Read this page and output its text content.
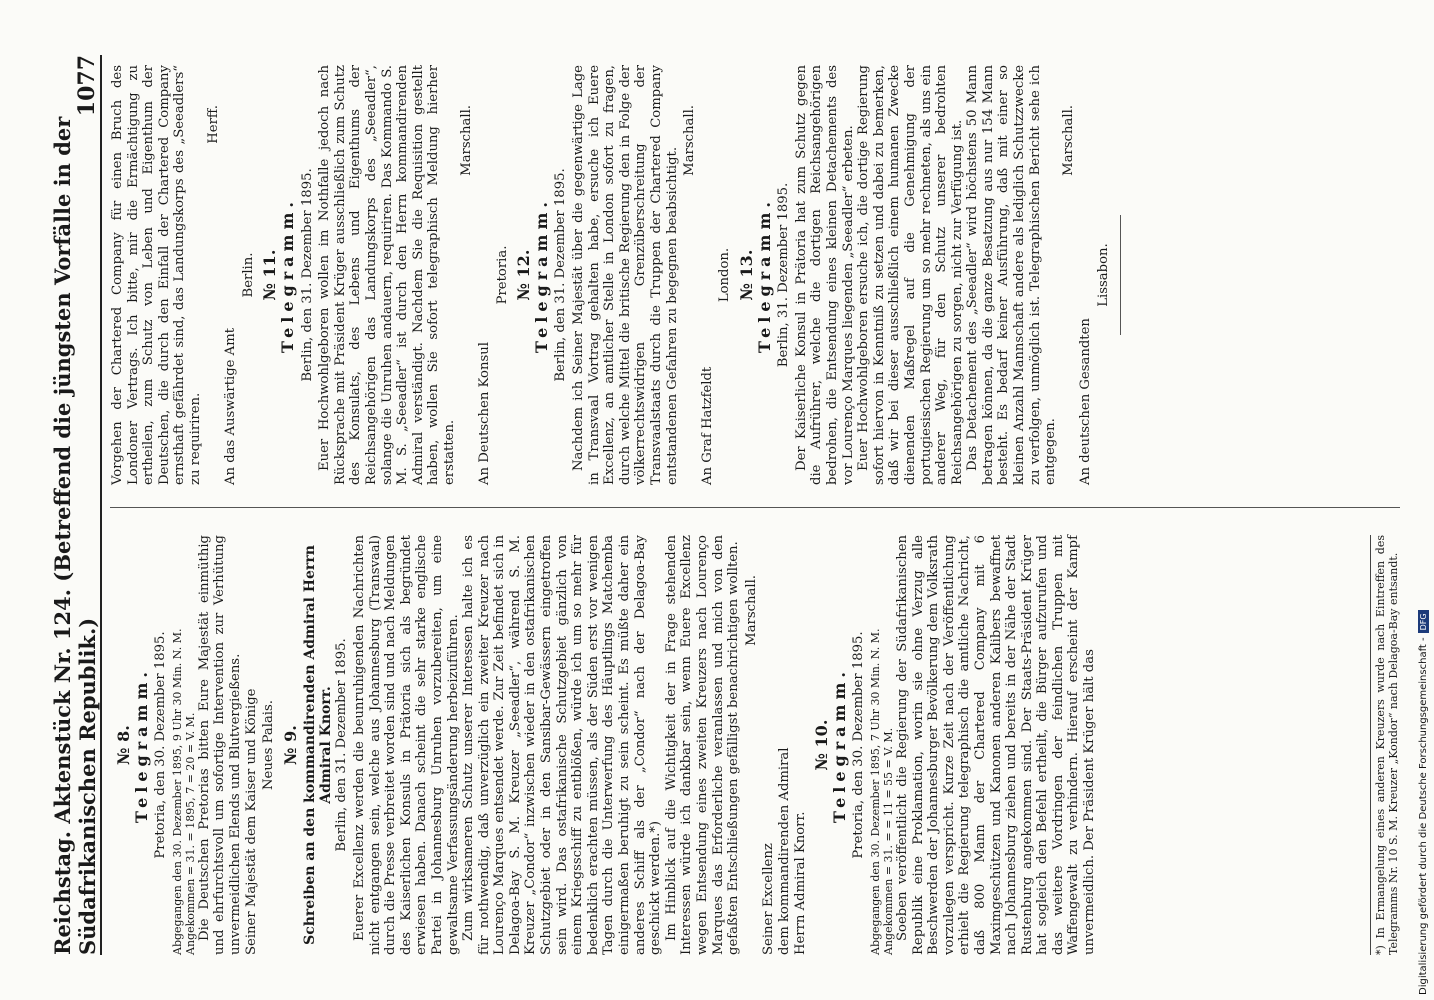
Reichstag. Aktenstück Nr. 124. (Betreffend die jüngsten Vorfälle in der Südafrikanischen Republik.)
1077
№ 8.
Telegramm. Pretoria, den 30. Dezember 1895. Abgegangen den 30. Dezember 1895, 9 Uhr 30 Min. N. M. Angekommen = 31. = 1895, 7 = 20 = V. M. Die Deutschen Pretorias bitten Eure Majestät einmüthig und ehrfurchtsvoll um sofortige Intervention zur Verhütung unvermeidlichen Elends und Blutvergießens. Seiner Majestät dem Kaiser und Könige Neues Palais. № 9. Schreiben an den kommandirenden Admiral Herrn Admiral Knorr. Berlin, den 31. Dezember 1895. Euerer Excellenz werden die beunruhigenden Nachrichten nicht entgangen sein, welche aus Johannesburg (Transvaal) durch die Presse verbreitet worden sind und nach Meldungen des Kaiserlichen Konsuls in Prätoria sich als begründet erwiesen haben. Danach scheint die sehr starke englische Partei in Johannesburg Unruhen vorzubereiten, um eine gewaltsame Verfassungsänderung herbeizuführen. Zum wirksameren Schutz unserer Interessen halte ich es für nothwendig, daß unverzüglich ein zweiter Kreuzer nach Lourenço Marques entsendet werde. Zur Zeit befindet sich in Delagoa-Bay S. M. Kreuzer „Seeadler“, während S. M. Kreuzer „Condor“ inzwischen wieder in den ostafrikanischen Schutzgebiet oder in den Sansibar-Gewässern eingetroffen sein wird. Das ostafrikanische Schutzgebiet gänzlich von einem Kriegsschiff zu entblößen, würde ich um so mehr für bedenklich erachten müssen, als der Süden erst vor wenigen Tagen durch die Unterwerfung des Häuptlings Matchemba einigermaßen beruhigt zu sein scheint. Es müßte daher ein anderes Schiff als der „Condor“ nach der Delagoa-Bay geschickt werden.*) Im Hinblick auf die Wichtigkeit der in Frage stehenden Interessen würde ich dankbar sein, wenn Euere Excellenz wegen Entsendung eines zweiten Kreuzers nach Lourenço Marques das Erforderliche veranlassen und mich von den gefaßten Entschließungen gefälligst benachrichtigen wollten. Marschall.
Seiner Excellenz dem kommandirenden Admiral Herrn Admiral Knorr.
№ 10.
Telegramm. Pretoria, den 30. Dezember 1895. Abgegangen den 30. Dezember 1895, 7 Uhr 30 Min. N. M. Angekommen = 31. = = 11 = 55 = V. M. Soeben veröffentlicht die Regierung der Südafrikanischen Republik eine Proklamation, worin sie ohne Verzug alle Beschwerden der Johannesburger Bevölkerung dem Volksrath vorzulegen verspricht. Kurze Zeit nach der Veröffentlichung erhielt die Regierung telegraphisch die amtliche Nachricht, daß 800 Mann der Chartered Company mit 6 Maximgeschützen und Kanonen anderen Kalibers bewaffnet nach Johannesburg ziehen und bereits in der Nähe der Stadt Rustenburg angekommen sind. Der Staats-Präsident Krüger hat sogleich den Befehl ertheilt, die Bürger aufzurufen und das weitere Vordringen der feindlichen Truppen mit Waffengewalt zu verhindern. Hierauf erscheint der Kampf unvermeidlich. Der Präsident Krüger hält das	*) In Ermangelung eines anderen Kreuzers wurde nach Eintreffen des Telegramms Nr. 10 S. M. Kreuzer „Kondor“ nach Delagoa-Bay entsandt.

Vorgehen der Chartered Company für einen Bruch des Londoner Vertrags. Ich bitte, mir die Ermächtigung zu ertheilen, zum Schutz von Leben und Eigenthum der Deutschen, die durch den Einfall der Chartered Company ernsthaft gefährdet sind, das Landungskorps des „Seeadlers“ zu requiriren.

Herff.
An das Auswärtige Amt
Berlin. № 11.
Telegramm. Berlin, den 31. Dezember 1895. Euer Hochwohlgeboren wollen im Nothfalle jedoch nach Rücksprache mit Präsident Krüger ausschließlich zum Schutz des Konsulats, des Lebens und Eigenthums der Reichsangehörigen das Landungskorps des „Seeadler“, solange die Unruhen andauern, requiriren. Das Kommando S. M. S. „Seeadler“ ist durch den Herrn kommandirenden Admiral verständigt. Nachdem Sie die Requisition gestellt haben, wollen Sie sofort telegraphisch Meldung hierher erstatten.

Marschall.
An Deutschen Konsul
Pretoria. № 12.
Telegramm. Berlin, den 31. Dezember 1895. Nachdem ich Seiner Majestät über die gegenwärtige Lage in Transvaal Vortrag gehalten habe, ersuche ich Euere Excellenz, an amtlicher Stelle in London sofort zu fragen, durch welche Mittel die britische Regierung den in Folge der völkerrechtswidrigen Grenzüberschreitung der Transvaalstaats durch die Truppen der Chartered Company entstandenen Gefahren zu begegnen beabsichtigt.

Marschall.
An Graf Hatzfeldt
London. № 13.
Telegramm. Berlin, 31. Dezember 1895. Der Kaiserliche Konsul in Prätoria hat zum Schutz gegen die Aufrührer, welche die dortigen Reichsangehörigen bedrohen, die Entsendung eines kleinen Detachements des vor Lourenço Marques liegenden „Seeadler“ erbeten. Euer Hochwohlgeboren ersuche ich, die dortige Regierung sofort hiervon in Kenntniß zu setzen und dabei zu bemerken, daß wir bei dieser ausschließlich einem humanen Zwecke dienenden Maßregel auf die Genehmigung der portugiesischen Regierung um so mehr rechneten, als uns ein anderer Weg, für den Schutz unserer bedrohten Reichsangehörigen zu sorgen, nicht zur Verfügung ist. Das Detachement des „Seeadler“ wird höchstens 50 Mann betragen können, da die ganze Besatzung aus nur 154 Mann besteht. Es bedarf keiner Ausführung, daß mit einer so kleinen Anzahl Mannschaft andere als lediglich Schutzzwecke zu verfolgen, unmöglich ist. Telegraphischen Bericht sehe ich entgegen.

Marschall.
An deutschen Gesandten
Lissabon.
Digitalisierung gefördert durch die Deutsche Forschungsgemeinschaft -DFG
